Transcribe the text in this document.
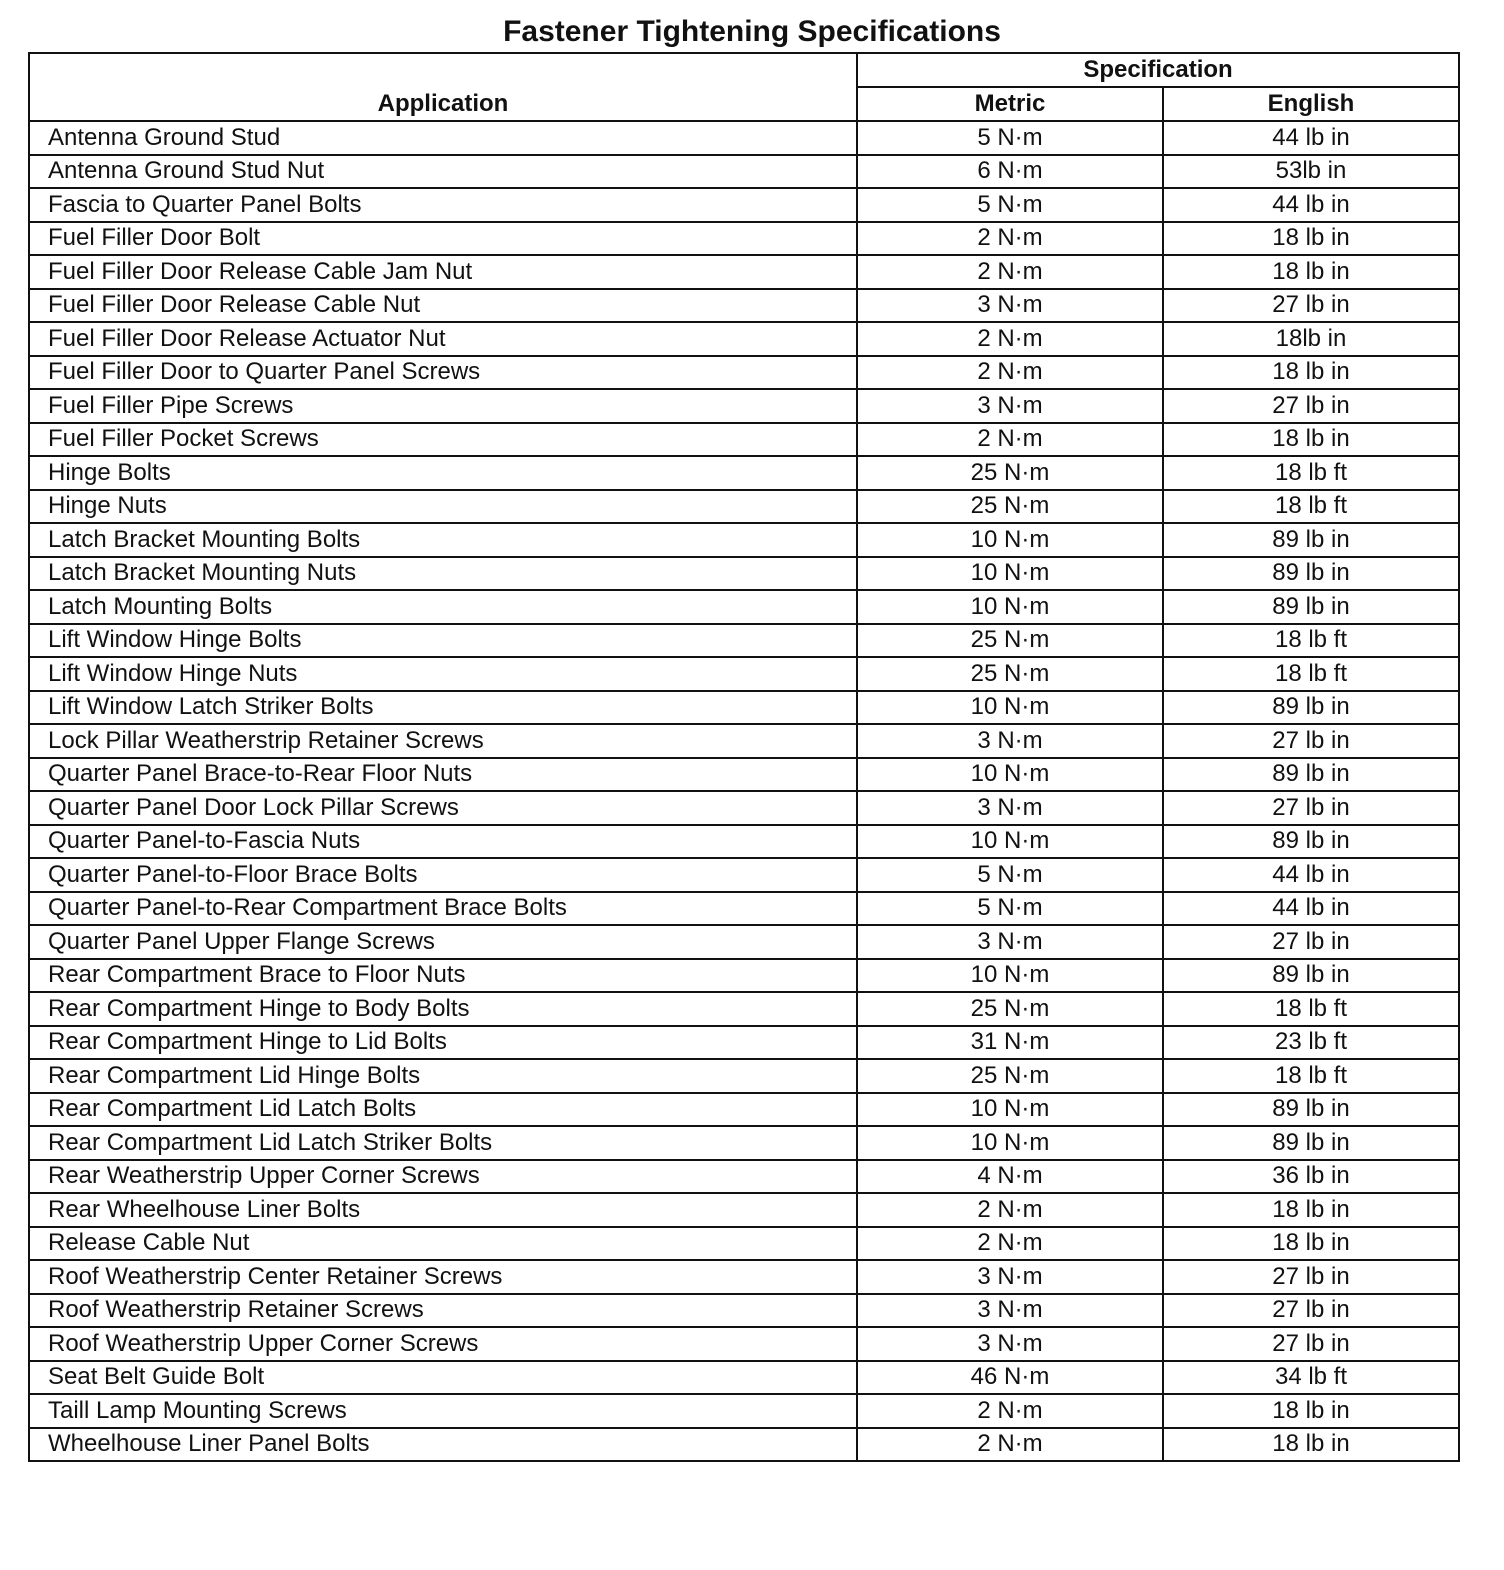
Fastener Tightening Specifications
Application	Specification	
	Metric	English
Antenna Ground Stud	5 N·m	44 lb in
Antenna Ground Stud Nut	6 N·m	53lb in
Fascia to Quarter Panel Bolts	5 N·m	44 lb in
Fuel Filler Door Bolt	2 N·m	18 lb in
Fuel Filler Door Release Cable Jam Nut	2 N·m	18 lb in
Fuel Filler Door Release Cable Nut	3 N·m	27 lb in
Fuel Filler Door Release Actuator Nut	2 N·m	18lb in
Fuel Filler Door to Quarter Panel Screws	2 N·m	18 lb in
Fuel Filler Pipe Screws	3 N·m	27 lb in
Fuel Filler Pocket Screws	2 N·m	18 lb in
Hinge Bolts	25 N·m	18 lb ft
Hinge Nuts	25 N·m	18 lb ft
Latch Bracket Mounting Bolts	10 N·m	89 lb in
Latch Bracket Mounting Nuts	10 N·m	89 lb in
Latch Mounting Bolts	10 N·m	89 lb in
Lift Window Hinge Bolts	25 N·m	18 lb ft
Lift Window Hinge Nuts	25 N·m	18 lb ft
Lift Window Latch Striker Bolts	10 N·m	89 lb in
Lock Pillar Weatherstrip Retainer Screws	3 N·m	27 lb in
Quarter Panel Brace-to-Rear Floor Nuts	10 N·m	89 lb in
Quarter Panel Door Lock Pillar Screws	3 N·m	27 lb in
Quarter Panel-to-Fascia Nuts	10 N·m	89 lb in
Quarter Panel-to-Floor Brace Bolts	5 N·m	44 lb in
Quarter Panel-to-Rear Compartment Brace Bolts	5 N·m	44 lb in
Quarter Panel Upper Flange Screws	3 N·m	27 lb in
Rear Compartment Brace to Floor Nuts	10 N·m	89 lb in
Rear Compartment Hinge to Body Bolts	25 N·m	18 lb ft
Rear Compartment Hinge to Lid Bolts	31 N·m	23 lb ft
Rear Compartment Lid Hinge Bolts	25 N·m	18 lb ft
Rear Compartment Lid Latch Bolts	10 N·m	89 lb in
Rear Compartment Lid Latch Striker Bolts	10 N·m	89 lb in
Rear Weatherstrip Upper Corner Screws	4 N·m	36 lb in
Rear Wheelhouse Liner Bolts	2 N·m	18 lb in
Release Cable Nut	2 N·m	18 lb in
Roof Weatherstrip Center Retainer Screws	3 N·m	27 lb in
Roof Weatherstrip Retainer Screws	3 N·m	27 lb in
Roof Weatherstrip Upper Corner Screws	3 N·m	27 lb in
Seat Belt Guide Bolt	46 N·m	34 lb ft
Taill Lamp Mounting Screws	2 N·m	18 lb in
Wheelhouse Liner Panel Bolts	2 N·m	18 lb in
